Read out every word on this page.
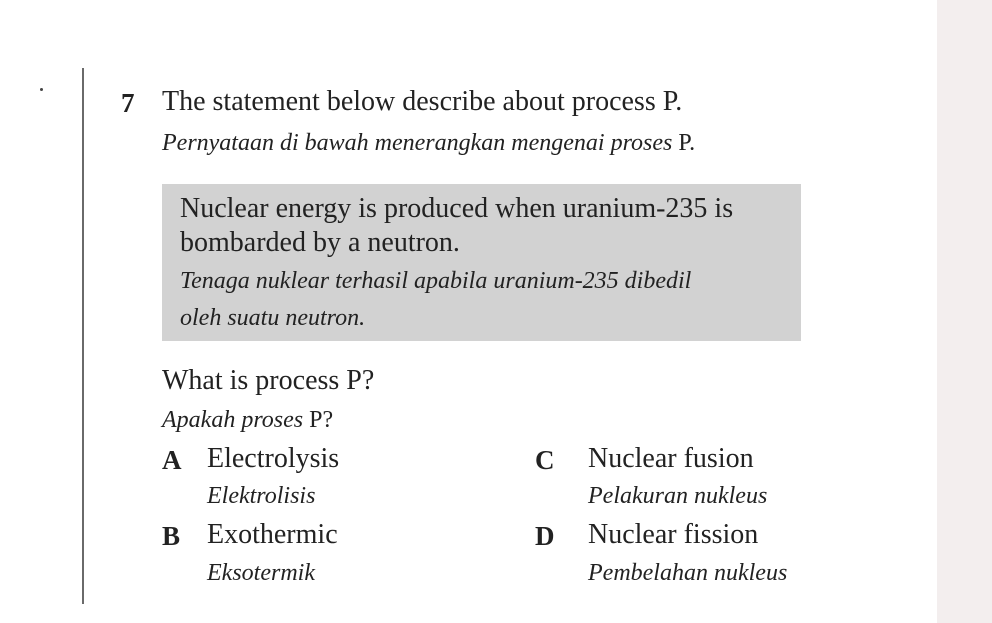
7 The statement below describe about process P.
Pernyataan di bawah menerangkan mengenai proses P.
Nuclear energy is produced when uranium-235 is
bombarded by a neutron.
Tenaga nuklear terhasil apabila uranium-235 dibedil
oleh suatu neutron.
What is process P?
Apakah proses P?
A Electrolysis
Elektrolisis
B Exothermic
Eksotermik
C Nuclear fusion
Pelakuran nukleus
D Nuclear fission
Pembelahan nukleus
